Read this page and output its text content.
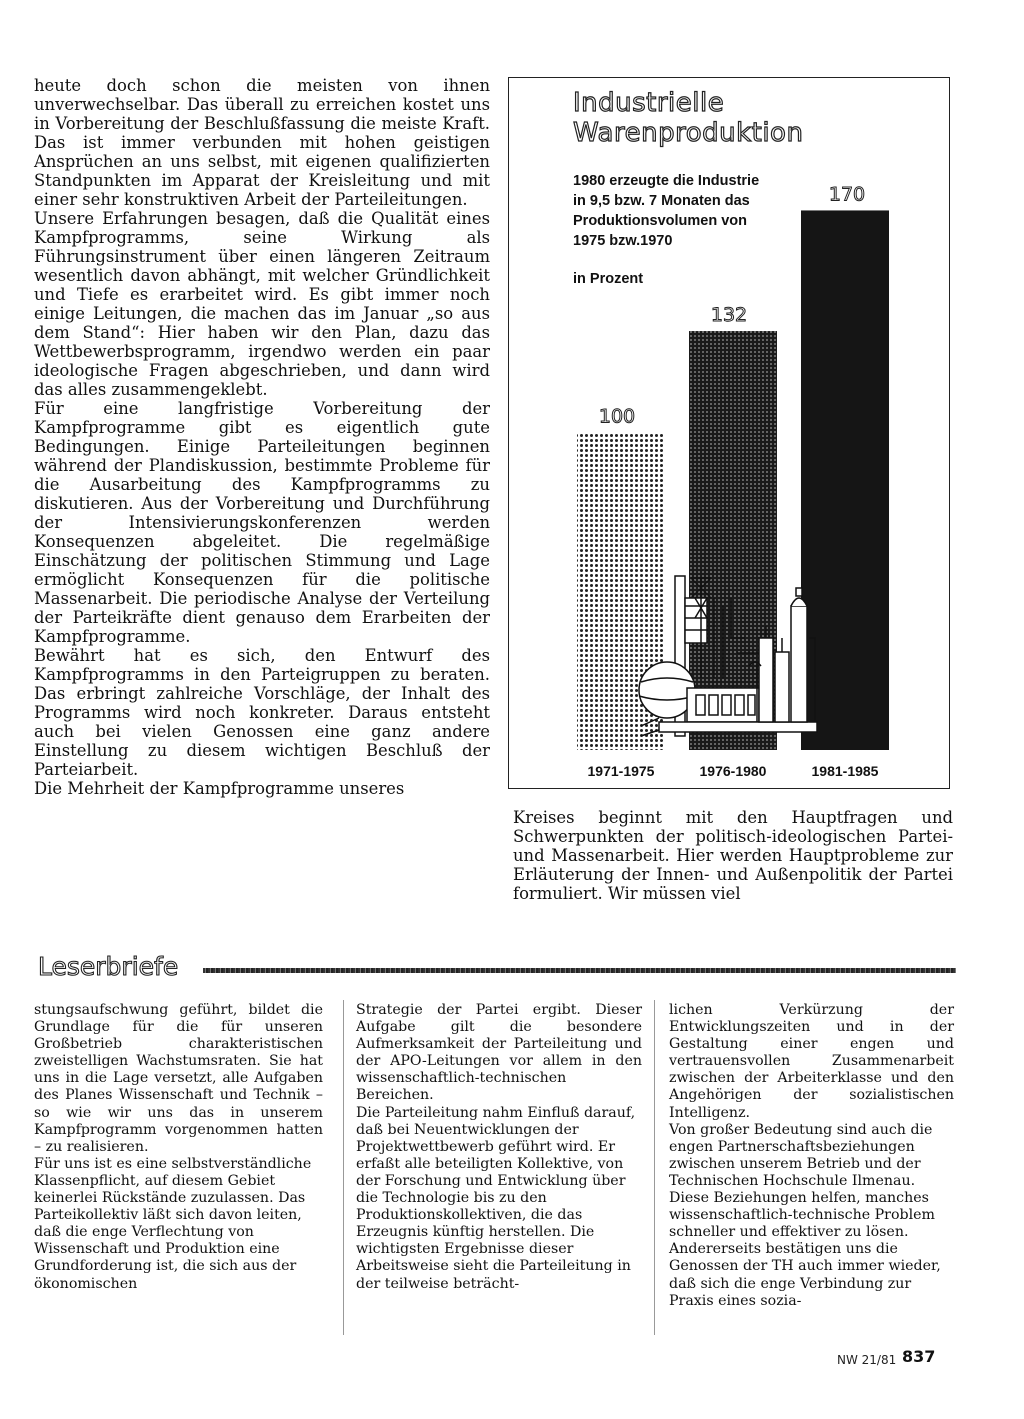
heute doch schon die meisten von ihnen unverwechselbar. Das überall zu erreichen kostet uns in Vorbereitung der Beschlußfassung die meiste Kraft. Das ist immer verbunden mit hohen geistigen Ansprüchen an uns selbst, mit eigenen qualifizierten Standpunkten im Apparat der Kreisleitung und mit einer sehr konstruktiven Arbeit der Parteileitungen.

Unsere Erfahrungen besagen, daß die Qualität eines Kampfprogramms, seine Wirkung als Führungsinstrument über einen längeren Zeitraum wesentlich davon abhängt, mit welcher Gründlichkeit und Tiefe es erarbeitet wird. Es gibt immer noch einige Leitungen, die machen das im Januar „so aus dem Stand“: Hier haben wir den Plan, dazu das Wettbewerbsprogramm, irgendwo werden ein paar ideologische Fragen abgeschrieben, und dann wird das alles zusammengeklebt.

Für eine langfristige Vorbereitung der Kampfprogramme gibt es eigentlich gute Bedingungen. Einige Parteileitungen beginnen während der Plandiskussion, bestimmte Probleme für die Ausarbeitung des Kampfprogramms zu diskutieren. Aus der Vorbereitung und Durchführung der Intensivierungskonferenzen werden Konsequenzen abgeleitet. Die regelmäßige Einschätzung der politischen Stimmung und Lage ermöglicht Konsequenzen für die politische Massenarbeit. Die periodische Analyse der Verteilung der Parteikräfte dient genauso dem Erarbeiten der Kampfprogramme.

Bewährt hat es sich, den Entwurf des Kampfprogramms in den Parteigruppen zu beraten. Das erbringt zahlreiche Vorschläge, der Inhalt des Programms wird noch konkreter. Daraus entsteht auch bei vielen Genossen eine ganz andere Einstellung zu diesem wichtigen Beschluß der Parteiarbeit.

Die Mehrheit der Kampfprogramme unseres

100
1971-1975
132
1976-1980
170
1981-1985
Industrielle
Warenproduktion
1980 erzeugte die Industrie
in 9,5 bzw. 7 Monaten das
Produktionsvolumen von
1975 bzw.1970
in Prozent

Kreises beginnt mit den Hauptfragen und Schwerpunkten der politisch-ideologischen Partei- und Massenarbeit. Hier werden Hauptprobleme zur Erläuterung der Innen- und Außenpolitik der Partei formuliert. Wir müssen viel

Leserbriefe

stungsaufschwung geführt, bildet die Grundlage für die für unseren Großbetrieb charakteristischen zweistelligen Wachstumsraten. Sie hat uns in die Lage versetzt, alle Aufgaben des Planes Wissenschaft und Technik – so wie wir uns das in unserem Kampfprogramm vorgenommen hatten – zu realisieren.

Für uns ist es eine selbstverständliche Klassenpflicht, auf diesem Gebiet keinerlei Rückstände zuzulassen. Das Parteikollektiv läßt sich davon leiten, daß die enge Verflechtung von Wissenschaft und Produktion eine Grundforderung ist, die sich aus der ökonomischen

Strategie der Partei ergibt. Dieser Aufgabe gilt die besondere Aufmerksamkeit der Parteileitung und der APO-Leitungen vor allem in den wissenschaftlich-technischen Bereichen.

Die Parteileitung nahm Einfluß darauf, daß bei Neuentwicklungen der Projektwettbewerb geführt wird. Er erfaßt alle beteiligten Kollektive, von der Forschung und Entwicklung über die Technologie bis zu den Produktionskollektiven, die das Erzeugnis künftig herstellen. Die wichtigsten Ergebnisse dieser Arbeitsweise sieht die Parteileitung in der teilweise beträcht-

lichen Verkürzung der Entwicklungszeiten und in der Gestaltung einer engen und vertrauensvollen Zusammenarbeit zwischen der Arbeiterklasse und den Angehörigen der sozialistischen Intelligenz.

Von großer Bedeutung sind auch die engen Partnerschaftsbeziehungen zwischen unserem Betrieb und der Technischen Hochschule Ilmenau. Diese Beziehungen helfen, manches wissenschaftlich-technische Problem schneller und effektiver zu lösen. Andererseits bestätigen uns die Genossen der TH auch immer wieder, daß sich die enge Verbindung zur Praxis eines sozia-

NW 21/81 837
